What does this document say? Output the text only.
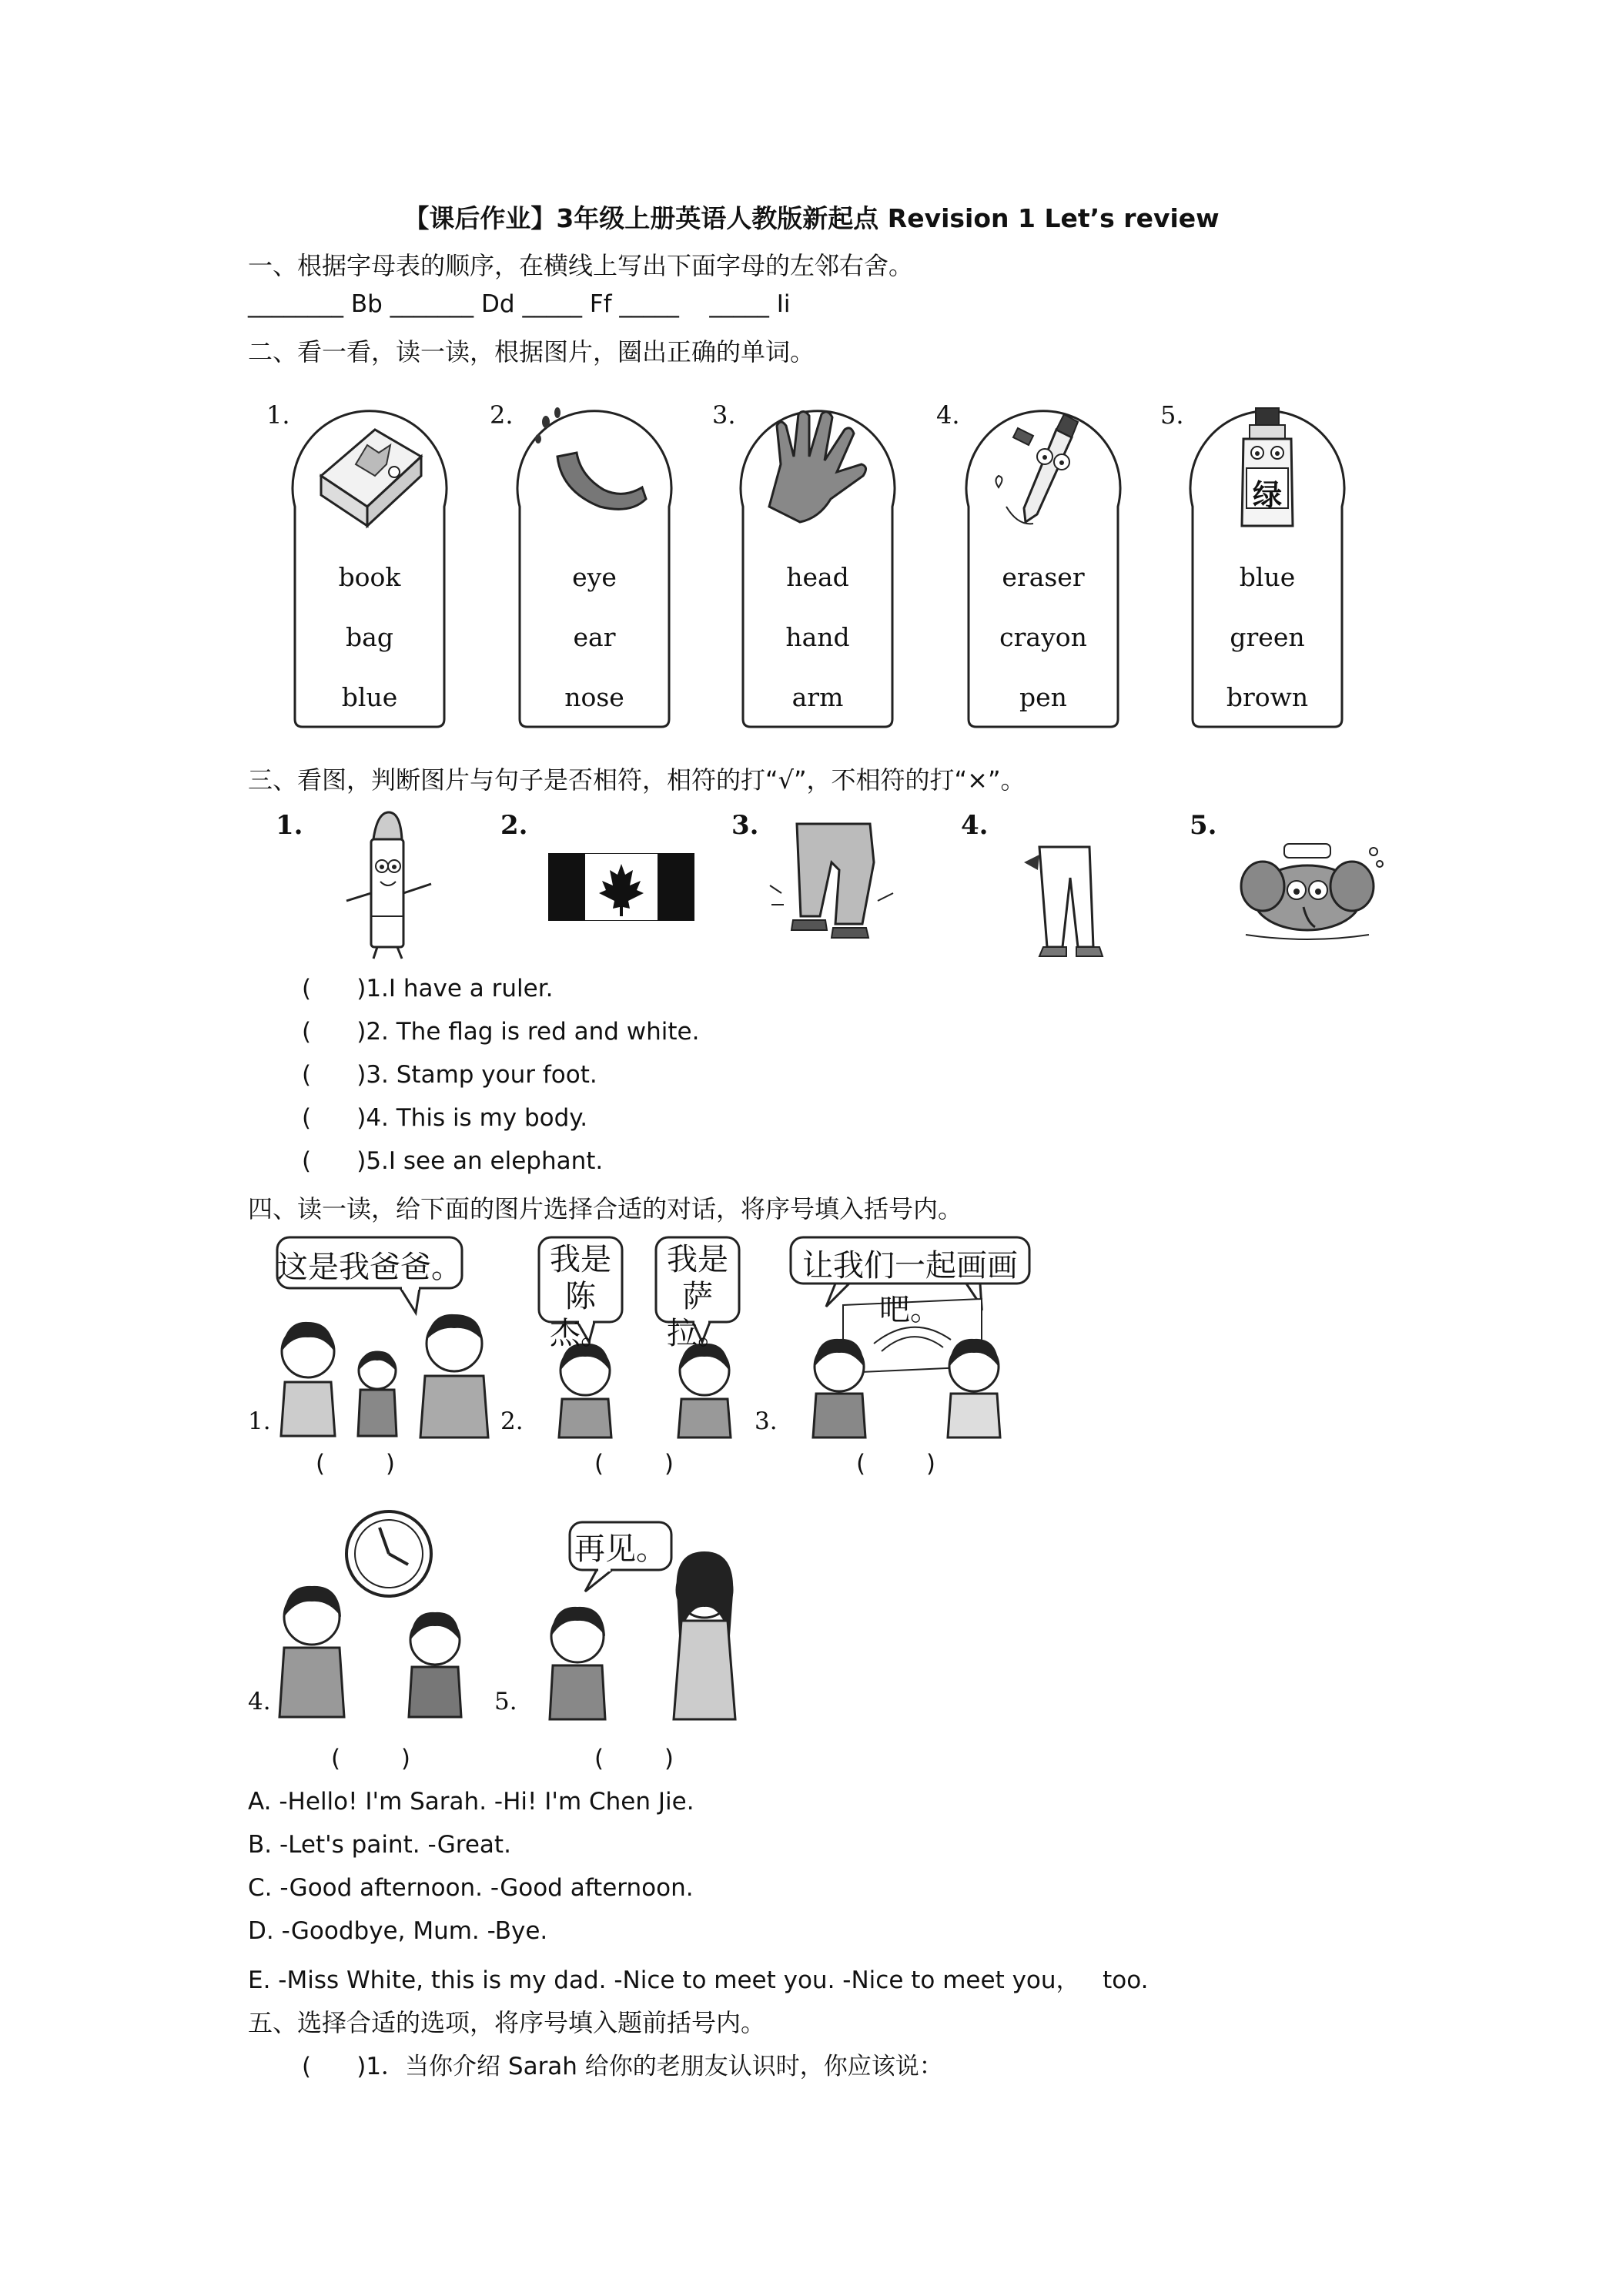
【课后作业】3年级上册英语人教版新起点 Revision 1 Let’s review
一、根据字母表的顺序，在横线上写出下面字母的左邻右舍。
________ Bb _______ Dd _____ Ff _____ _____ Ii
二、看一看，读一读，根据图片，圈出正确的单词。
1.
book
bag
blue
2.
eye
ear
nose
3.
head
hand
arm
4.
eraser
crayon
pen
5.
绿
blue
green
brown
三、看图，判断图片与句子是否相符，相符的打“√”，不相符的打“×”。
1.	2.	3.	4.	5.
(      )1.I have a ruler.
(      )2. The flag is red and white.
(      )3. Stamp your foot.
(      )4. This is my body.
(      )5.I see an elephant.
四、读一读，给下面的图片选择合适的对话，将序号填入括号内。
这是我爸爸。
1.
(        )
我是
陈杰。
我是
萨拉。
2.
(        )
让我们一起画画吧。
3.
(        )
4.
(        )
再见。
5.
(        )
A. -Hello! I'm Sarah. -Hi! I'm Chen Jie.
B. -Let's paint. -Great.
C. -Good afternoon. -Good afternoon.
D. -Goodbye, Mum. -Bye.
E. -Miss White, this is my dad. -Nice to meet you. -Nice to meet you，   too.
五、选择合适的选项，将序号填入题前括号内。
(      )1．当你介绍 Sarah 给你的老朋友认识时，你应该说：
